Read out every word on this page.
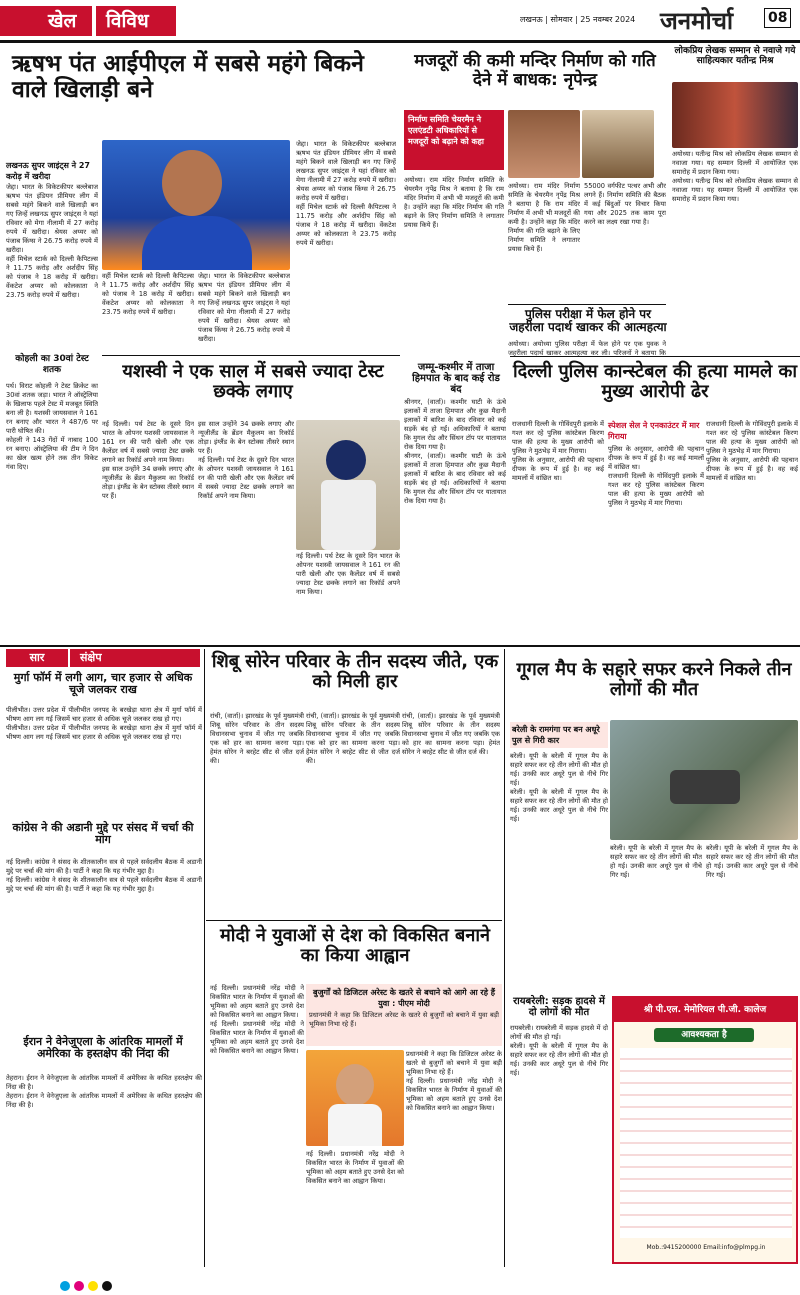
खेल	विविध	लखनऊ | सोमवार | 25 नवम्बर 2024 जनमोर्चा 08
ऋषभ पंत आईपीएल में सबसे महंगे बिकने वाले खिलाड़ी बने
लखनऊ सुपर जाइंट्स ने 27 करोड़ में खरीदा

जेद्दा। भारत के विकेटकीपर बल्लेबाज ऋषभ पंत इंडियन प्रीमियर लीग में सबसे महंगे बिकने वाले खिलाड़ी बन गए जिन्हें लखनऊ सुपर जाइंट्स ने यहां रविवार को मेगा नीलामी में 27 करोड़ रुपये में खरीदा। श्रेयस अय्यर को पंजाब किंग्स ने 26.75 करोड़ रुपये में खरीदा।

वहीं मिचेल स्टार्क को दिल्ली कैपिटल्स ने 11.75 करोड़ और अर्शदीप सिंह को पंजाब ने 18 करोड़ में खरीदा। वेंकटेश अय्यर को कोलकाता ने 23.75 करोड़ रुपये में खरीदा।

वहीं मिचेल स्टार्क को दिल्ली कैपिटल्स ने 11.75 करोड़ और अर्शदीप सिंह को पंजाब ने 18 करोड़ में खरीदा। वेंकटेश अय्यर को कोलकाता ने 23.75 करोड़ रुपये में खरीदा।

जेद्दा। भारत के विकेटकीपर बल्लेबाज ऋषभ पंत इंडियन प्रीमियर लीग में सबसे महंगे बिकने वाले खिलाड़ी बन गए जिन्हें लखनऊ सुपर जाइंट्स ने यहां रविवार को मेगा नीलामी में 27 करोड़ रुपये में खरीदा। श्रेयस अय्यर को पंजाब किंग्स ने 26.75 करोड़ रुपये में खरीदा।

जेद्दा। भारत के विकेटकीपर बल्लेबाज ऋषभ पंत इंडियन प्रीमियर लीग में सबसे महंगे बिकने वाले खिलाड़ी बन गए जिन्हें लखनऊ सुपर जाइंट्स ने यहां रविवार को मेगा नीलामी में 27 करोड़ रुपये में खरीदा। श्रेयस अय्यर को पंजाब किंग्स ने 26.75 करोड़ रुपये में खरीदा।

वहीं मिचेल स्टार्क को दिल्ली कैपिटल्स ने 11.75 करोड़ और अर्शदीप सिंह को पंजाब ने 18 करोड़ में खरीदा। वेंकटेश अय्यर को कोलकाता ने 23.75 करोड़ रुपये में खरीदा।

कोहली का 30वां टेस्ट शतक

पर्थ। विराट कोहली ने टेस्ट क्रिकेट का 30वां शतक जड़ा। भारत ने ऑस्ट्रेलिया के खिलाफ पहले टेस्ट में मजबूत स्थिति बना ली है। यशस्वी जायसवाल ने 161 रन बनाए और भारत ने 487/6 पर पारी घोषित की।

कोहली ने 143 गेंदों में नाबाद 100 रन बनाए। ऑस्ट्रेलिया की टीम ने दिन का खेल खत्म होने तक तीन विकेट गंवा दिए।

यशस्वी ने एक साल में सबसे ज्यादा टेस्ट छक्के लगाए

नई दिल्ली। पर्थ टेस्ट के दूसरे दिन भारत के ओपनर यशस्वी जायसवाल ने 161 रन की पारी खेली और एक कैलेंडर वर्ष में सबसे ज्यादा टेस्ट छक्के लगाने का रिकॉर्ड अपने नाम किया।

इस साल उन्होंने 34 छक्के लगाए और न्यूजीलैंड के ब्रेंडन मैकुलम का रिकॉर्ड तोड़ा। इंग्लैंड के बेन स्टोक्स तीसरे स्थान पर हैं।

इस साल उन्होंने 34 छक्के लगाए और न्यूजीलैंड के ब्रेंडन मैकुलम का रिकॉर्ड तोड़ा। इंग्लैंड के बेन स्टोक्स तीसरे स्थान पर हैं।

नई दिल्ली। पर्थ टेस्ट के दूसरे दिन भारत के ओपनर यशस्वी जायसवाल ने 161 रन की पारी खेली और एक कैलेंडर वर्ष में सबसे ज्यादा टेस्ट छक्के लगाने का रिकॉर्ड अपने नाम किया।

नई दिल्ली। पर्थ टेस्ट के दूसरे दिन भारत के ओपनर यशस्वी जायसवाल ने 161 रन की पारी खेली और एक कैलेंडर वर्ष में सबसे ज्यादा टेस्ट छक्के लगाने का रिकॉर्ड अपने नाम किया।

जम्मू-कश्मीर में ताजा हिमपात के बाद कई रोड बंद

श्रीनगर, (वार्ता)। कश्मीर घाटी के ऊंचे इलाकों में ताजा हिमपात और कुछ मैदानी इलाकों में बारिश के बाद रविवार को कई सड़कें बंद हो गईं। अधिकारियों ने बताया कि मुगल रोड और सिंथन टॉप पर यातायात रोक दिया गया है।

श्रीनगर, (वार्ता)। कश्मीर घाटी के ऊंचे इलाकों में ताजा हिमपात और कुछ मैदानी इलाकों में बारिश के बाद रविवार को कई सड़कें बंद हो गईं। अधिकारियों ने बताया कि मुगल रोड और सिंथन टॉप पर यातायात रोक दिया गया है।

मजदूरों की कमी मन्दिर निर्माण को गति देने में बाधक: नृपेन्द्र
निर्माण समिति चेयरमैन ने एलएंडटी अधिकारियों से मजदूरों को बढ़ाने को कहा

अयोध्या। राम मंदिर निर्माण समिति के चेयरमैन नृपेंद्र मिश्र ने बताया है कि राम मंदिर निर्माण में अभी भी मजदूरों की कमी है। उन्होंने कहा कि मंदिर निर्माण की गति बढ़ाने के लिए निर्माण समिति ने लगातार प्रयास किये हैं।

अयोध्या। राम मंदिर निर्माण समिति के चेयरमैन नृपेंद्र मिश्र ने बताया है कि राम मंदिर निर्माण में अभी भी मजदूरों की कमी है। उन्होंने कहा कि मंदिर निर्माण की गति बढ़ाने के लिए निर्माण समिति ने लगातार प्रयास किये हैं।

55000 वर्गफीट पत्थर अभी और लगने हैं। निर्माण समिति की बैठक में कई बिंदुओं पर विचार किया गया और 2025 तक काम पूरा करने का लक्ष्य रखा गया है।

पुलिस परीक्षा में फेल होने पर जहरीला पदार्थ खाकर की आत्महत्या

अयोध्या। अयोध्या पुलिस परीक्षा में फेल होने पर एक युवक ने जहरीला पदार्थ खाकर आत्महत्या कर ली। परिजनों ने बताया कि

लोकप्रिय लेखक सम्मान से नवाजे गये साहित्यकार यतीन्द्र मिश्र

अयोध्या। यतीन्द्र मिश्र को लोकप्रिय लेखक सम्मान से नवाजा गया। यह सम्मान दिल्ली में आयोजित एक समारोह में प्रदान किया गया।

अयोध्या। यतीन्द्र मिश्र को लोकप्रिय लेखक सम्मान से नवाजा गया। यह सम्मान दिल्ली में आयोजित एक समारोह में प्रदान किया गया।

दिल्ली पुलिस कान्स्टेबल की हत्या मामले का मुख्य आरोपी ढेर

राजधानी दिल्ली के गोविंदपुरी इलाके में गश्त कर रहे पुलिस कांस्टेबल किरण पाल की हत्या के मुख्य आरोपी को पुलिस ने मुठभेड़ में मार गिराया।

पुलिस के अनुसार, आरोपी की पहचान दीपक के रूप में हुई है। वह कई मामलों में वांछित था।

स्पेशल सेल ने एनकाउंटर में मार गिराया

पुलिस के अनुसार, आरोपी की पहचान दीपक के रूप में हुई है। वह कई मामलों में वांछित था।

राजधानी दिल्ली के गोविंदपुरी इलाके में गश्त कर रहे पुलिस कांस्टेबल किरण पाल की हत्या के मुख्य आरोपी को पुलिस ने मुठभेड़ में मार गिराया।

राजधानी दिल्ली के गोविंदपुरी इलाके में गश्त कर रहे पुलिस कांस्टेबल किरण पाल की हत्या के मुख्य आरोपी को पुलिस ने मुठभेड़ में मार गिराया।

पुलिस के अनुसार, आरोपी की पहचान दीपक के रूप में हुई है। वह कई मामलों में वांछित था।

सार	संक्षेप
मुर्गा फॉर्म में लगी आग, चार हजार से अधिक चूजे जलकर राख

पीलीभीत। उत्तर प्रदेश में पीलीभीत जनपद के बरखेड़ा थाना क्षेत्र में मुर्गा फॉर्म में भीषण आग लग गई जिसमें चार हजार से अधिक चूजे जलकर राख हो गए।

पीलीभीत। उत्तर प्रदेश में पीलीभीत जनपद के बरखेड़ा थाना क्षेत्र में मुर्गा फॉर्म में भीषण आग लग गई जिसमें चार हजार से अधिक चूजे जलकर राख हो गए।

कांग्रेस ने की अडानी मुद्दे पर संसद में चर्चा की मांग

नई दिल्ली। कांग्रेस ने संसद के शीतकालीन सत्र से पहले सर्वदलीय बैठक में अडानी मुद्दे पर चर्चा की मांग की है। पार्टी ने कहा कि यह गंभीर मुद्दा है।

नई दिल्ली। कांग्रेस ने संसद के शीतकालीन सत्र से पहले सर्वदलीय बैठक में अडानी मुद्दे पर चर्चा की मांग की है। पार्टी ने कहा कि यह गंभीर मुद्दा है।

ईरान ने वेनेजुएला के आंतरिक मामलों में अमेरिका के हस्तक्षेप की निंदा की

तेहरान। ईरान ने वेनेजुएला के आंतरिक मामलों में अमेरिका के कथित हस्तक्षेप की निंदा की है।

तेहरान। ईरान ने वेनेजुएला के आंतरिक मामलों में अमेरिका के कथित हस्तक्षेप की निंदा की है।

शिबू सोरेन परिवार के तीन सदस्य जीते, एक को मिली हार

रांची, (वार्ता)। झारखंड के पूर्व मुख्यमंत्री शिबू सोरेन परिवार के तीन सदस्य विधानसभा चुनाव में जीत गए जबकि एक को हार का सामना करना पड़ा। हेमंत सोरेन ने बरहेट सीट से जीत दर्ज की।

रांची, (वार्ता)। झारखंड के पूर्व मुख्यमंत्री शिबू सोरेन परिवार के तीन सदस्य विधानसभा चुनाव में जीत गए जबकि एक को हार का सामना करना पड़ा। हेमंत सोरेन ने बरहेट सीट से जीत दर्ज की।

रांची, (वार्ता)। झारखंड के पूर्व मुख्यमंत्री शिबू सोरेन परिवार के तीन सदस्य विधानसभा चुनाव में जीत गए जबकि एक को हार का सामना करना पड़ा। हेमंत सोरेन ने बरहेट सीट से जीत दर्ज की।

मोदी ने युवाओं से देश को विकसित बनाने का किया आह्वान

नई दिल्ली। प्रधानमंत्री नरेंद्र मोदी ने विकसित भारत के निर्माण में युवाओं की भूमिका को अहम बताते हुए उनसे देश को विकसित बनाने का आह्वान किया।

नई दिल्ली। प्रधानमंत्री नरेंद्र मोदी ने विकसित भारत के निर्माण में युवाओं की भूमिका को अहम बताते हुए उनसे देश को विकसित बनाने का आह्वान किया।

बुजुर्गों को डिजिटल अरेस्ट के खतरे से बचाने को आगे आ रहे हैं युवा : पीएम मोदी
प्रधानमंत्री ने कहा कि डिजिटल अरेस्ट के खतरे से बुजुर्गों को बचाने में युवा बड़ी भूमिका निभा रहे हैं।

प्रधानमंत्री ने कहा कि डिजिटल अरेस्ट के खतरे से बुजुर्गों को बचाने में युवा बड़ी भूमिका निभा रहे हैं।

नई दिल्ली। प्रधानमंत्री नरेंद्र मोदी ने विकसित भारत के निर्माण में युवाओं की भूमिका को अहम बताते हुए उनसे देश को विकसित बनाने का आह्वान किया।

नई दिल्ली। प्रधानमंत्री नरेंद्र मोदी ने विकसित भारत के निर्माण में युवाओं की भूमिका को अहम बताते हुए उनसे देश को विकसित बनाने का आह्वान किया।

गूगल मैप के सहारे सफर करने निकले तीन लोगों की मौत
बरेली के रामगंगा पर बन अधूरे पुल से गिरी कार

बरेली। यूपी के बरेली में गूगल मैप के सहारे सफर कर रहे तीन लोगों की मौत हो गई। उनकी कार अधूरे पुल से नीचे गिर गई।

बरेली। यूपी के बरेली में गूगल मैप के सहारे सफर कर रहे तीन लोगों की मौत हो गई। उनकी कार अधूरे पुल से नीचे गिर गई।

बरेली। यूपी के बरेली में गूगल मैप के सहारे सफर कर रहे तीन लोगों की मौत हो गई। उनकी कार अधूरे पुल से नीचे गिर गई।

बरेली। यूपी के बरेली में गूगल मैप के सहारे सफर कर रहे तीन लोगों की मौत हो गई। उनकी कार अधूरे पुल से नीचे गिर गई।

रायबरेली: सड़क हादसे में दो लोगों की मौत

रायबरेली। रायबरेली में सड़क हादसे में दो लोगों की मौत हो गई।

बरेली। यूपी के बरेली में गूगल मैप के सहारे सफर कर रहे तीन लोगों की मौत हो गई। उनकी कार अधूरे पुल से नीचे गिर गई।

श्री पी.एल. मेमोरियल पी.जी. कालेज
आवश्यकता है
Mob.:9415200000 Email:info@plmpg.in
